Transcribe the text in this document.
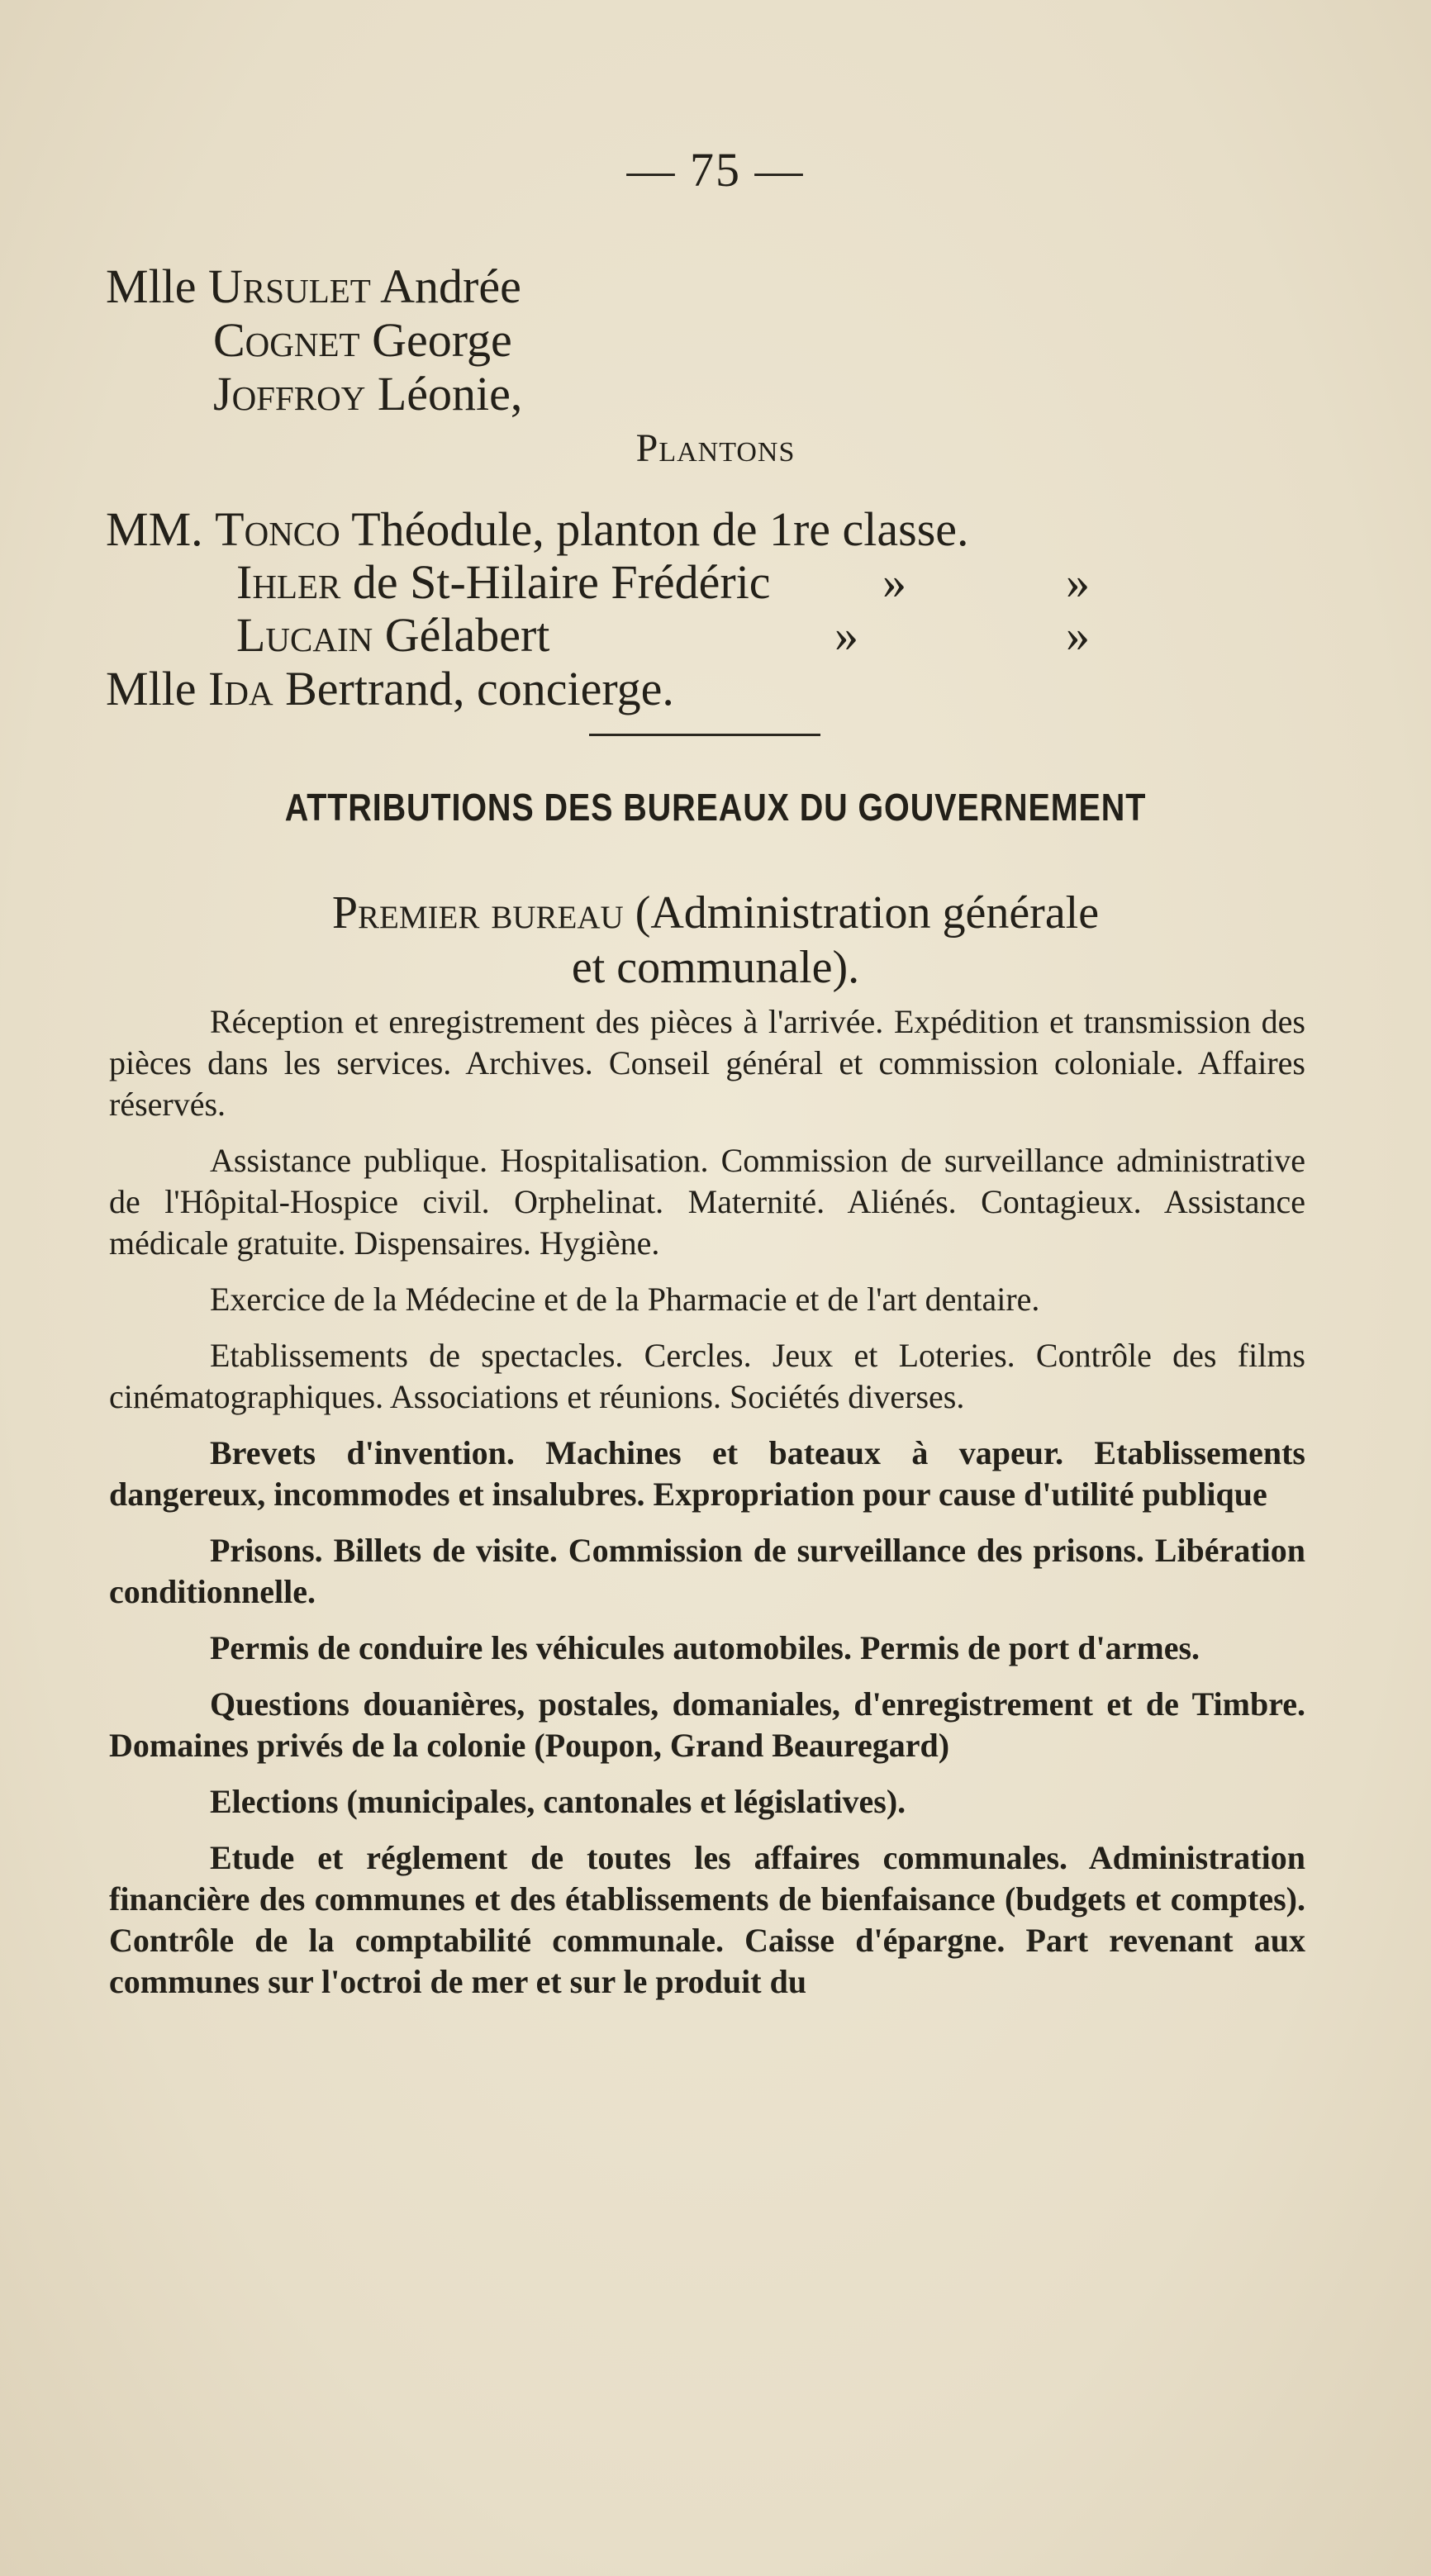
— 75 —
Mlle Ursulet Andrée
Cognet George
Joffroy Léonie,
Plantons
MM. Tonco Théodule, planton de 1re classe.
Ihler de St-Hilaire Frédéric »	»
Lucain Gélabert	»	»
Mlle Ida Bertrand, concierge.
ATTRIBUTIONS DES BUREAUX DU GOUVERNEMENT
Premier bureau (Administration générale
et communale).

Réception et enregistrement des pièces à l'arrivée. Expédition et transmission des pièces dans les services. Archives. Conseil général et commission coloniale. Affaires réservés.

Assistance publique. Hospitalisation. Commission de surveillance administrative de l'Hôpital-Hospice civil. Orphelinat. Maternité. Aliénés. Contagieux. Assistance médicale gratuite. Dispensaires. Hygiène.

Exercice de la Médecine et de la Pharmacie et de l'art dentaire.

Etablissements de spectacles. Cercles. Jeux et Loteries. Contrôle des films cinématographiques. Associations et réunions. Sociétés diverses.

Brevets d'invention. Machines et bateaux à vapeur. Etablissements dangereux, incommodes et insalubres. Expropriation pour cause d'utilité publique

Prisons. Billets de visite. Commission de surveillance des prisons. Libération conditionnelle.

Permis de conduire les véhicules automobiles. Permis de port d'armes.

Questions douanières, postales, domaniales, d'enregistrement et de Timbre. Domaines privés de la colonie (Poupon, Grand Beauregard)

Elections (municipales, cantonales et législatives).

Etude et réglement de toutes les affaires communales. Administration financière des communes et des établissements de bienfaisance (budgets et comptes). Contrôle de la comptabilité communale. Caisse d'épargne. Part revenant aux communes sur l'octroi de mer et sur le produit du
